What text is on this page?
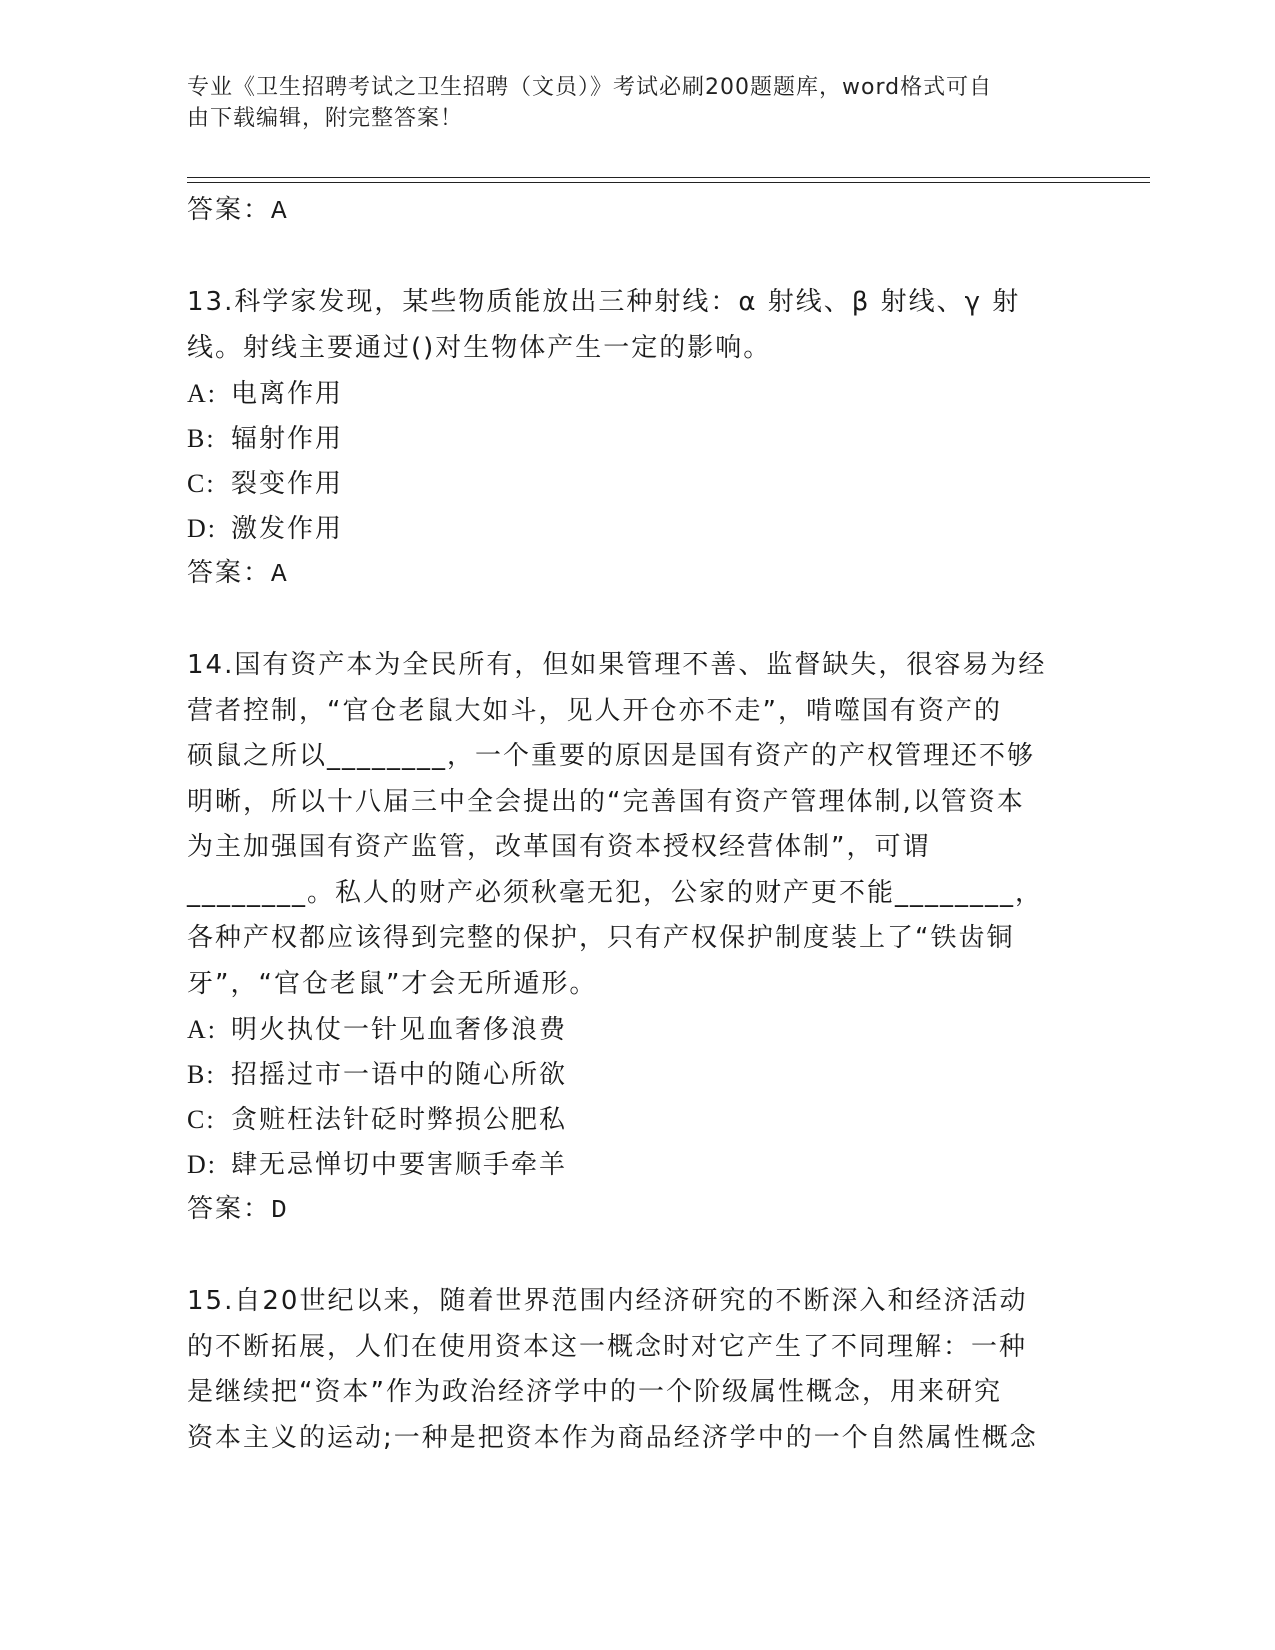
专业《卫生招聘考试之卫生招聘（文员）》考试必刷200题题库，word格式可自
由下载编辑，附完整答案！
答案：A
13.科学家发现，某些物质能放出三种射线：α 射线、β 射线、γ 射
线。射线主要通过()对生物体产生一定的影响。
A: 电离作用
B: 辐射作用
C: 裂变作用
D: 激发作用
答案：A
14.国有资产本为全民所有，但如果管理不善、监督缺失，很容易为经
营者控制，“官仓老鼠大如斗，见人开仓亦不走”，啃噬国有资产的
硕鼠之所以________，一个重要的原因是国有资产的产权管理还不够
明晰，所以十八届三中全会提出的“完善国有资产管理体制,以管资本
为主加强国有资产监管，改革国有资本授权经营体制”，可谓
________。私人的财产必须秋毫无犯，公家的财产更不能________，
各种产权都应该得到完整的保护，只有产权保护制度装上了“铁齿铜
牙”，“官仓老鼠”才会无所遁形。
A: 明火执仗一针见血奢侈浪费
B: 招摇过市一语中的随心所欲
C: 贪赃枉法针砭时弊损公肥私
D: 肆无忌惮切中要害顺手牵羊
答案：D
15.自20世纪以来，随着世界范围内经济研究的不断深入和经济活动
的不断拓展，人们在使用资本这一概念时对它产生了不同理解：一种
是继续把“资本”作为政治经济学中的一个阶级属性概念，用来研究
资本主义的运动;一种是把资本作为商品经济学中的一个自然属性概念
